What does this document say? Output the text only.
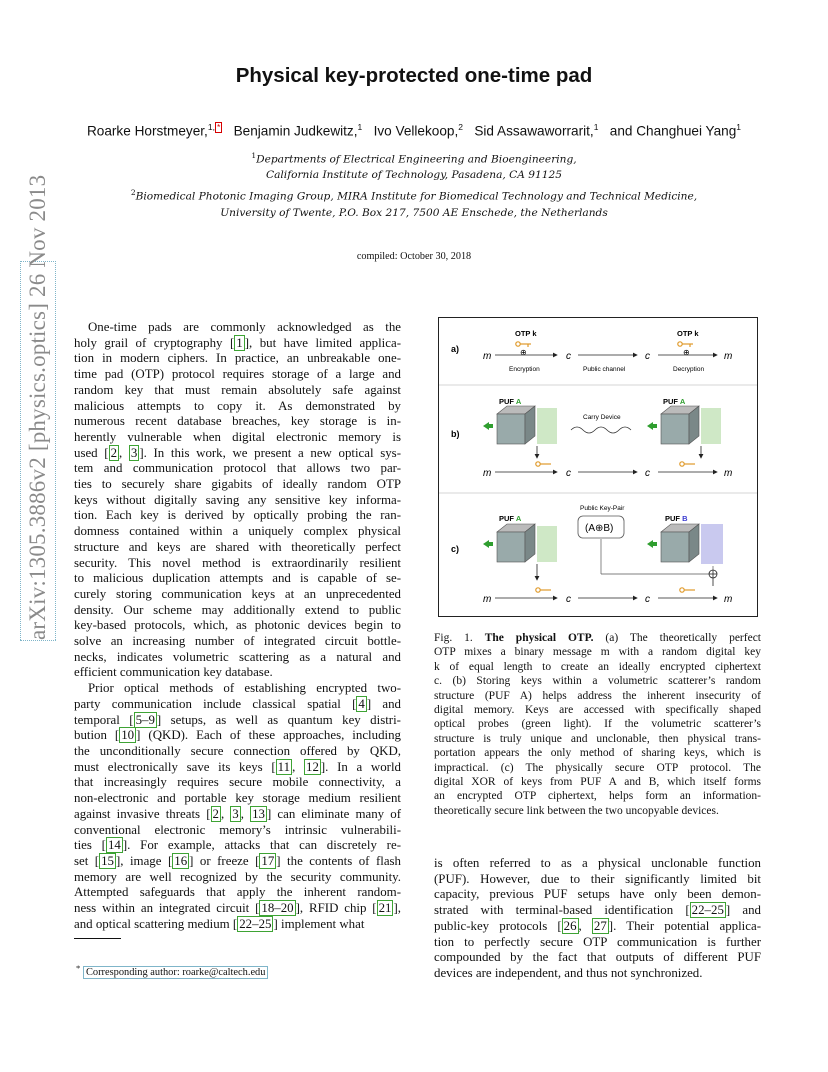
arXiv:1305.3886v2 [physics.optics] 26 Nov 2013
Physical key-protected one-time pad
Roarke Horstmeyer,$^{1,}$ * Benjamin Judkewitz,$^1$ Ivo Vellekoop,$^2$ Sid Assawaworrarit,$^1$ and Changhuei Yang$^1$
$^1$Departments of Electrical Engineering and Bioengineering,
California Institute of Technology, Pasadena, CA 91125
$^2$Biomedical Photonic Imaging Group, MIRA Institute for Biomedical Technology and Technical Medicine,
University of Twente, P.O. Box 217, 7500 AE Enschede, the Netherlands
compiled: October 30, 2018
One-time pads are commonly acknowledged as the
holy grail of cryptography [ 1 ], but have limited applica-
tion in modern ciphers. In practice, an unbreakable one-
time pad (OTP) protocol requires storage of a large and
random key that must remain absolutely safe against
malicious attempts to copy it. As demonstrated by
numerous recent database breaches, key storage is in-
herently vulnerable when digital electronic memory is
used [ 2 , 3 ]. In this work, we present a new optical sys-
tem and communication protocol that allows two par-
ties to securely share gigabits of ideally random OTP
keys without digitally saving any sensitive key informa-
tion. Each key is derived by optically probing the ran-
domness contained within a uniquely complex physical
structure and keys are shared with theoretically perfect
security. This novel method is extraordinarily resilient
to malicious duplication attempts and is capable of se-
curely storing communication keys at an unprecedented
density. Our scheme may additionally extend to public
key-based protocols, which, as photonic devices begin to
solve an increasing number of integrated circuit bottle-
necks, indicates volumetric scattering as a natural and
efficient communication key database.
Prior optical methods of establishing encrypted two-
party communication include classical spatial [ 4 ] and
temporal [ 5–9 ] setups, as well as quantum key distri-
bution [ 10 ] (QKD). Each of these approaches, including
the unconditionally secure connection offered by QKD,
must electronically save its keys [ 11 , 12 ]. In a world
that increasingly requires secure mobile connectivity, a
non-electronic and portable key storage medium resilient
against invasive threats [ 2 , 3 , 13 ] can eliminate many of
conventional electronic memory’s intrinsic vulnerabili-
ties [ 14 ]. For example, attacks that can discretely re-
set [ 15 ], image [ 16 ] or freeze [ 17 ] the contents of flash
memory are well recognized by the security community.
Attempted safeguards that apply the inherent random-
ness within an integrated circuit [ 18–20 ], RFID chip [ 21 ],
and optical scattering medium [ 22–25 ] implement what
* Corresponding author: roarke@caltech.edu
a)
b)
c)
OTP k	OTP k
⊕	⊕
m	c	c	m
Encryption	Public channel	Decryption
PUF A	PUF A
Carry Device
m	c	c	m
Public Key-Pair
(A⊕B)
PUF A	PUF B
m	c	c	m
Fig. 1. The physical OTP. (a) The theoretically perfect
OTP mixes a binary message m with a random digital key
k of equal length to create an ideally encrypted ciphertext
c. (b) Storing keys within a volumetric scatterer’s random
structure (PUF A) helps address the inherent insecurity of
digital memory. Keys are accessed with specifically shaped
optical probes (green light). If the volumetric scatterer’s
structure is truly unique and unclonable, then physical trans-
portation appears the only method of sharing keys, which is
impractical. (c) The physically secure OTP protocol. The
digital XOR of keys from PUF A and B, which itself forms
an encrypted OTP ciphertext, helps form an information-
theoretically secure link between the two uncopyable devices.
is often referred to as a physical unclonable function
(PUF). However, due to their significantly limited bit
capacity, previous PUF setups have only been demon-
strated with terminal-based identification [ 22–25 ] and
public-key protocols [ 26 , 27 ]. Their potential applica-
tion to perfectly secure OTP communication is further
compounded by the fact that outputs of different PUF
devices are independent, and thus not synchronized.
